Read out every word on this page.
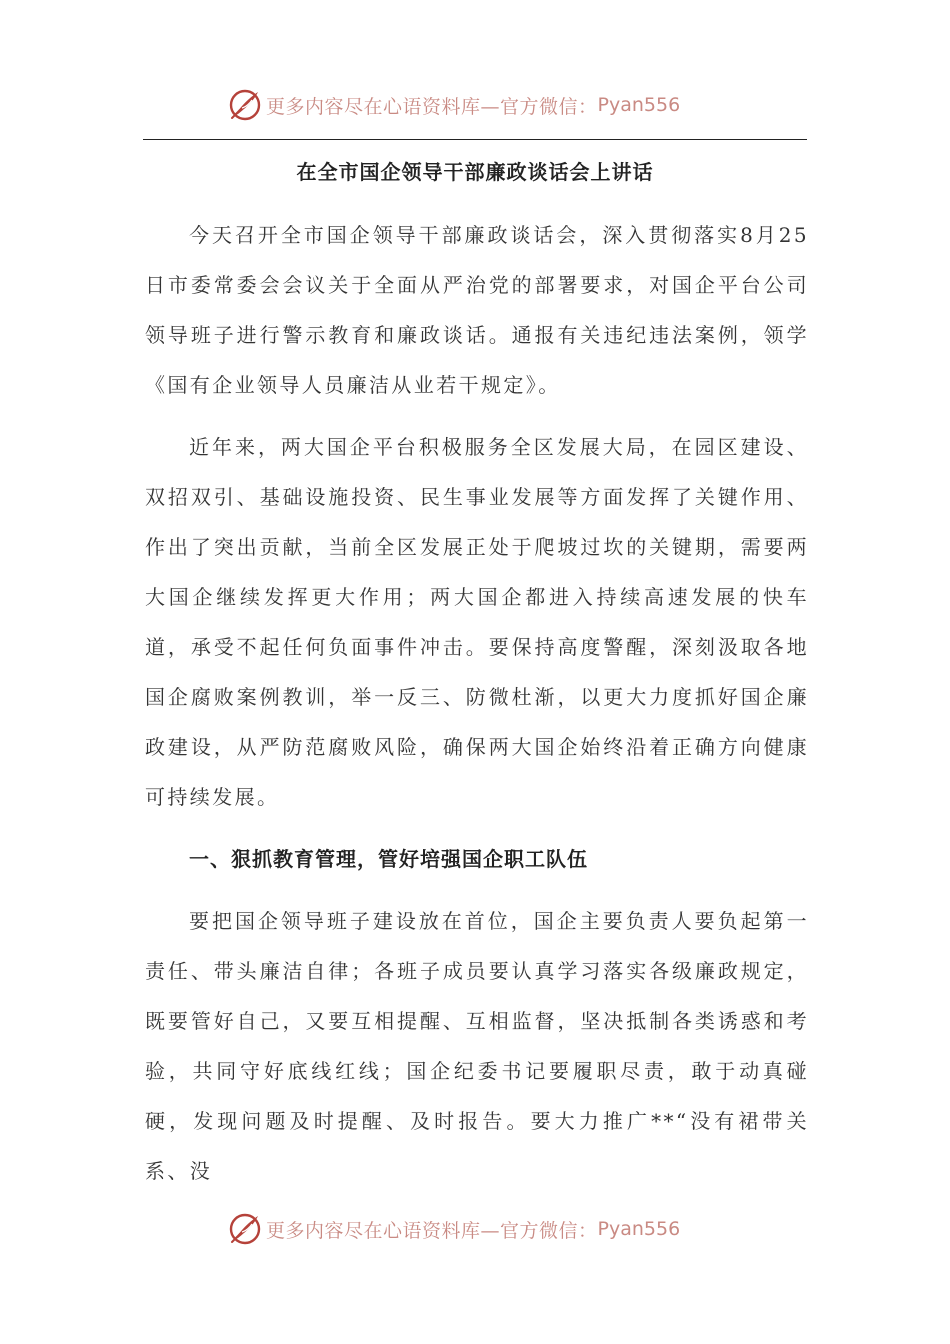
更多内容尽在心语资料库—官方微信： Pyan556
在全市国企领导干部廉政谈话会上讲话

今天召开全市国企领导干部廉政谈话会，深入贯彻落实8月25日市委常委会会议关于全面从严治党的部署要求，对国企平台公司领导班子进行警示教育和廉政谈话。通报有关违纪违法案例，领学《国有企业领导人员廉洁从业若干规定》。

近年来，两大国企平台积极服务全区发展大局，在园区建设、双招双引、基础设施投资、民生事业发展等方面发挥了关键作用、作出了突出贡献，当前全区发展正处于爬坡过坎的关键期，需要两大国企继续发挥更大作用；两大国企都进入持续高速发展的快车道，承受不起任何负面事件冲击。要保持高度警醒，深刻汲取各地国企腐败案例教训，举一反三、防微杜渐，以更大力度抓好国企廉政建设，从严防范腐败风险，确保两大国企始终沿着正确方向健康可持续发展。

一、狠抓教育管理，管好培强国企职工队伍

要把国企领导班子建设放在首位，国企主要负责人要负起第一责任、带头廉洁自律；各班子成员要认真学习落实各级廉政规定，既要管好自己，又要互相提醒、互相监督，坚决抵制各类诱惑和考验，共同守好底线红线；国企纪委书记要履职尽责，敢于动真碰硬，发现问题及时提醒、及时报告。要大力推广**“没有裙带关系、没

更多内容尽在心语资料库—官方微信： Pyan556
